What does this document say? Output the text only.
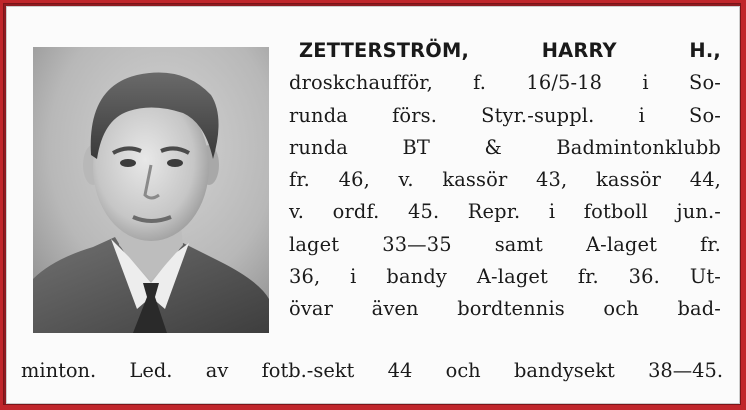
ZETTERSTRÖM, HARRY H.,
droskchaufför, f. 16/5-18 i So-
runda förs. Styr.-suppl. i So-
runda BT & Badmintonklubb
fr. 46, v. kassör 43, kassör 44,
v. ordf. 45. Repr. i fotboll jun.-
laget 33—35 samt A-laget fr.
36, i bandy A-laget fr. 36. Ut-
övar även bordtennis och bad-
minton. Led. av fotb.-sekt 44 och bandysekt 38—45.
